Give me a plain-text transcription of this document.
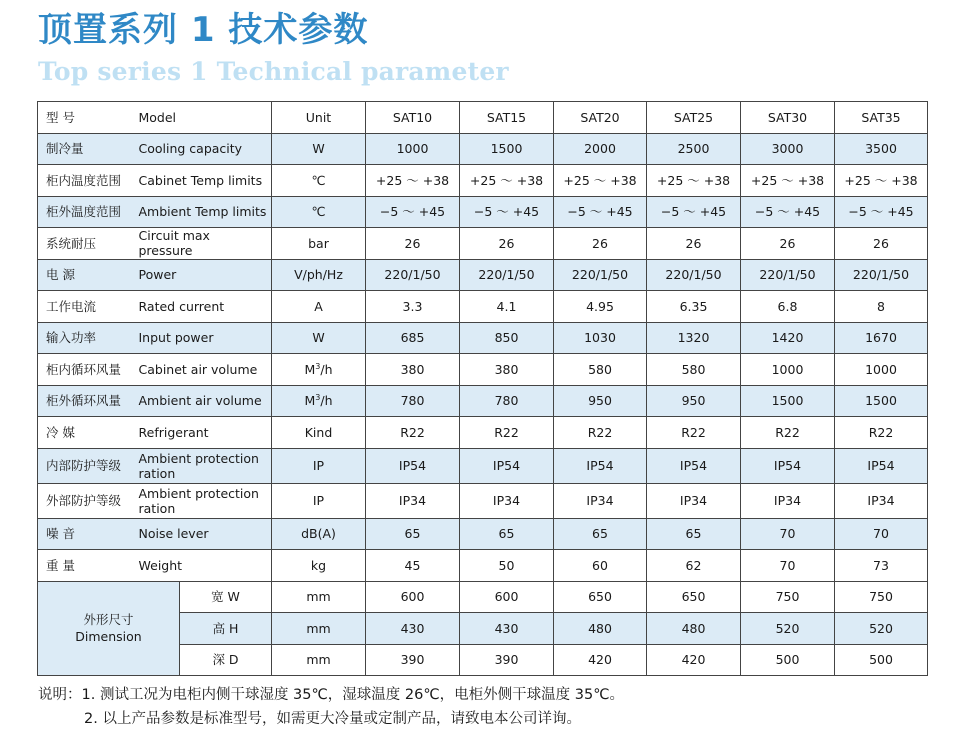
顶置系列 1 技术参数
Top series 1 Technical parameter
型 号	Model		Unit	SAT10	SAT15	SAT20	SAT25	SAT30	SAT35
制冷量	Cooling capacity		W	1000	1500	2000	2500	3000	3500
柜内温度范围	Cabinet Temp limits		℃	+25 ～ +38	+25 ～ +38	+25 ～ +38	+25 ～ +38	+25 ～ +38	+25 ～ +38
柜外温度范围	Ambient Temp limits		℃	−5 ～ +45	−5 ～ +45	−5 ～ +45	−5 ～ +45	−5 ～ +45	−5 ～ +45
系统耐压	Circuit max pressure		bar	26	26	26	26	26	26
电 源	Power		V/ph/Hz	220/1/50	220/1/50	220/1/50	220/1/50	220/1/50	220/1/50
工作电流	Rated current		A	3.3	4.1	4.95	6.35	6.8	8
输入功率	Input power		W	685	850	1030	1320	1420	1670
柜内循环风量	Cabinet air volume		$M^3/h$	380	380	580	580	1000	1000
柜外循环风量	Ambient air volume		$M^3/h$	780	780	950	950	1500	1500
冷 媒	Refrigerant		Kind	R22	R22	R22	R22	R22	R22
内部防护等级	Ambient protection ration		IP	IP54	IP54	IP54	IP54	IP54	IP54
外部防护等级	Ambient protection ration		IP	IP34	IP34	IP34	IP34	IP34	IP34
噪 音	Noise lever		dB(A)	65	65	65	65	70	70
重 量	Weight		kg	45	50	60	62	70	73

外形尺寸
Dimension		宽 W	mm	600	600	650	650	750	750
		高 H	mm	430	430	480	480	520	520
		深 D	mm	390	390	420	420	500	500

说明：1. 测试工况为电柜内侧干球湿度 35℃，湿球温度 26℃，电柜外侧干球温度 35℃。
2. 以上产品参数是标准型号，如需更大冷量或定制产品，请致电本公司详询。
